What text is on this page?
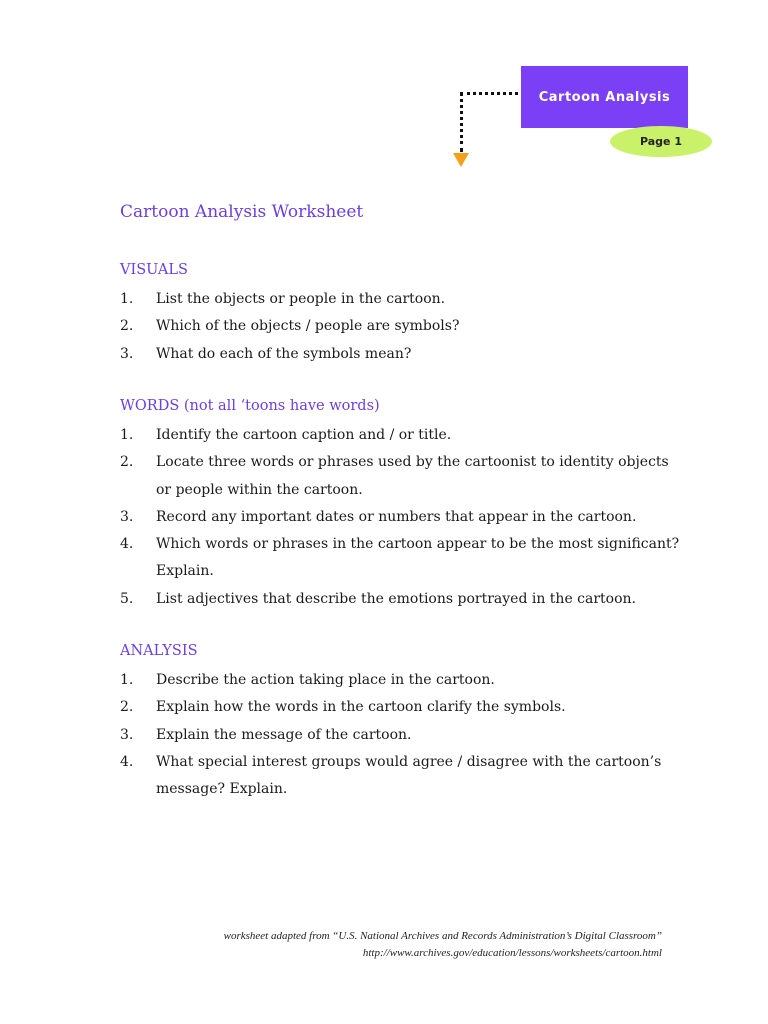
Cartoon Analysis
Page 1
Cartoon Analysis Worksheet
VISUALS
1.	List the objects or people in the cartoon.
2.	Which of the objects / people are symbols?
3.	What do each of the symbols mean?
WORDS (not all ‘toons have words)
1.	Identify the cartoon caption and / or title.
2.	Locate three words or phrases used by the cartoonist to identity objects or people within the cartoon.
3.	Record any important dates or numbers that appear in the cartoon.
4.	Which words or phrases in the cartoon appear to be the most significant? Explain.
5.	List adjectives that describe the emotions portrayed in the cartoon.
ANALYSIS
1.	Describe the action taking place in the cartoon.
2.	Explain how the words in the cartoon clarify the symbols.
3.	Explain the message of the cartoon.
4.	What special interest groups would agree / disagree with the cartoon’s message? Explain.
worksheet adapted from “U.S. National Archives and Records Administration’s Digital Classroom”
http://www.archives.gov/education/lessons/worksheets/cartoon.html
